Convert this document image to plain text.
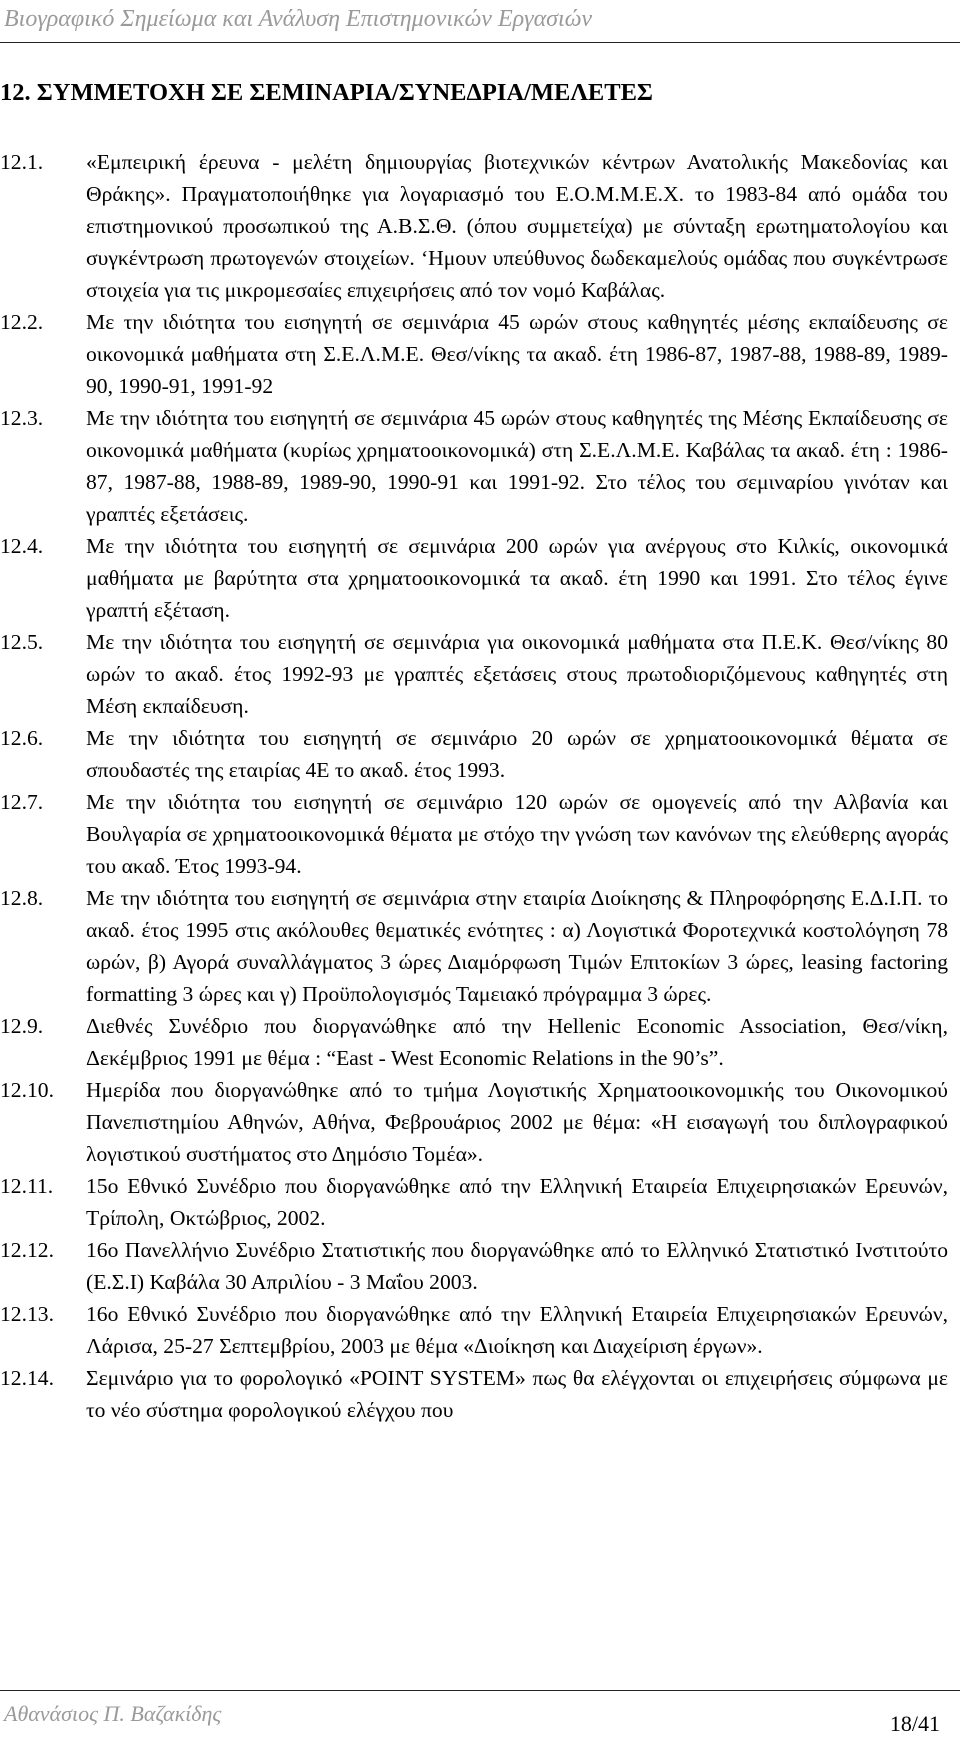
Βιογραφικό Σημείωμα και Ανάλυση Επιστημονικών Εργασιών
12. ΣΥΜΜΕΤΟΧΗ ΣΕ ΣΕΜΙΝΑΡΙΑ/ΣΥΝΕΔΡΙΑ/ΜΕΛΕΤΕΣ
12.1.	«Εμπειρική έρευνα - μελέτη δημιουργίας βιοτεχνικών κέντρων Ανατολικής Μακεδονίας και Θράκης». Πραγματοποιήθηκε για λογαριασμό του Ε.Ο.Μ.Μ.Ε.Χ. το 1983-84 από ομάδα του επιστημονικού προσωπικού της Α.Β.Σ.Θ. (όπου συμμετείχα) με σύνταξη ερωτηματολογίου και συγκέντρωση πρωτογενών στοιχείων. ‘Ημουν υπεύθυνος δωδεκαμελούς ομάδας που συγκέντρωσε στοιχεία για τις μικρομεσαίες επιχειρήσεις από τον νομό Καβάλας.
12.2.	Με την ιδιότητα του εισηγητή σε σεμινάρια 45 ωρών στους καθηγητές μέσης εκπαίδευσης σε οικονομικά μαθήματα στη Σ.Ε.Λ.Μ.Ε. Θεσ/νίκης τα ακαδ. έτη 1986-87, 1987-88, 1988-89, 1989-90, 1990-91, 1991-92
12.3.	Με την ιδιότητα του εισηγητή σε σεμινάρια 45 ωρών στους καθηγητές της Μέσης Εκπαίδευσης σε οικονομικά μαθήματα (κυρίως χρηματοοικονομικά) στη Σ.Ε.Λ.Μ.Ε. Καβάλας τα ακαδ. έτη : 1986-87, 1987-88, 1988-89, 1989-90, 1990-91 και 1991-92. Στο τέλος του σεμιναρίου γινόταν και γραπτές εξετάσεις.
12.4.	Με την ιδιότητα του εισηγητή σε σεμινάρια 200 ωρών για ανέργους στο Κιλκίς, οικονομικά μαθήματα με βαρύτητα στα χρηματοοικονομικά τα ακαδ. έτη 1990 και 1991. Στο τέλος έγινε γραπτή εξέταση.
12.5.	Με την ιδιότητα του εισηγητή σε σεμινάρια για οικονομικά μαθήματα στα Π.Ε.Κ. Θεσ/νίκης 80 ωρών το ακαδ. έτος 1992-93 με γραπτές εξετάσεις στους πρωτοδιοριζόμενους καθηγητές στη Μέση εκπαίδευση.
12.6.	Με την ιδιότητα του εισηγητή σε σεμινάριο 20 ωρών σε χρηματοοικονομικά θέματα σε σπουδαστές της εταιρίας 4Ε το ακαδ. έτος 1993.
12.7.	Με την ιδιότητα του εισηγητή σε σεμινάριο 120 ωρών σε ομογενείς από την Αλβανία και Βουλγαρία σε χρηματοοικονομικά θέματα με στόχο την γνώση των κανόνων της ελεύθερης αγοράς του ακαδ. Έτος 1993-94.
12.8.	Με την ιδιότητα του εισηγητή σε σεμινάρια στην εταιρία Διοίκησης & Πληροφόρησης Ε.Δ.Ι.Π. το ακαδ. έτος 1995 στις ακόλουθες θεματικές ενότητες : α) Λογιστικά Φοροτεχνικά κοστολόγηση 78 ωρών, β) Αγορά συναλλάγματος 3 ώρες Διαμόρφωση Τιμών Επιτοκίων 3 ώρες, leasing factoring formatting 3 ώρες και γ) Προϋπολογισμός Ταμειακό πρόγραμμα 3 ώρες.
12.9.	Διεθνές Συνέδριο που διοργανώθηκε από την Hellenic Economic Association, Θεσ/νίκη, Δεκέμβριος 1991 με θέμα : “East - West Economic Relations in the 90’s”.
12.10.	Ημερίδα που διοργανώθηκε από το τμήμα Λογιστικής Χρηματοοικονομικής του Οικονομικού Πανεπιστημίου Αθηνών, Αθήνα, Φεβρουάριος 2002 με θέμα: «Η εισαγωγή του διπλογραφικού λογιστικού συστήματος στο Δημόσιο Τομέα».
12.11.	15ο Εθνικό Συνέδριο που διοργανώθηκε από την Ελληνική Εταιρεία Επιχειρησιακών Ερευνών, Τρίπολη, Οκτώβριος, 2002.
12.12.	16ο Πανελλήνιο Συνέδριο Στατιστικής που διοργανώθηκε από το Ελληνικό Στατιστικό Ινστιτούτο (Ε.Σ.Ι) Καβάλα 30 Απριλίου - 3 Μαΐου 2003.
12.13.	16ο Εθνικό Συνέδριο που διοργανώθηκε από την Ελληνική Εταιρεία Επιχειρησιακών Ερευνών, Λάρισα, 25-27 Σεπτεμβρίου, 2003 με θέμα «Διοίκηση και Διαχείριση έργων».
12.14.	Σεμινάριο για το φορολογικό «POINT SYSTEM» πως θα ελέγχονται οι επιχειρήσεις σύμφωνα με το νέο σύστημα φορολογικού ελέγχου που
Αθανάσιος Π. Βαζακίδης	18/41
